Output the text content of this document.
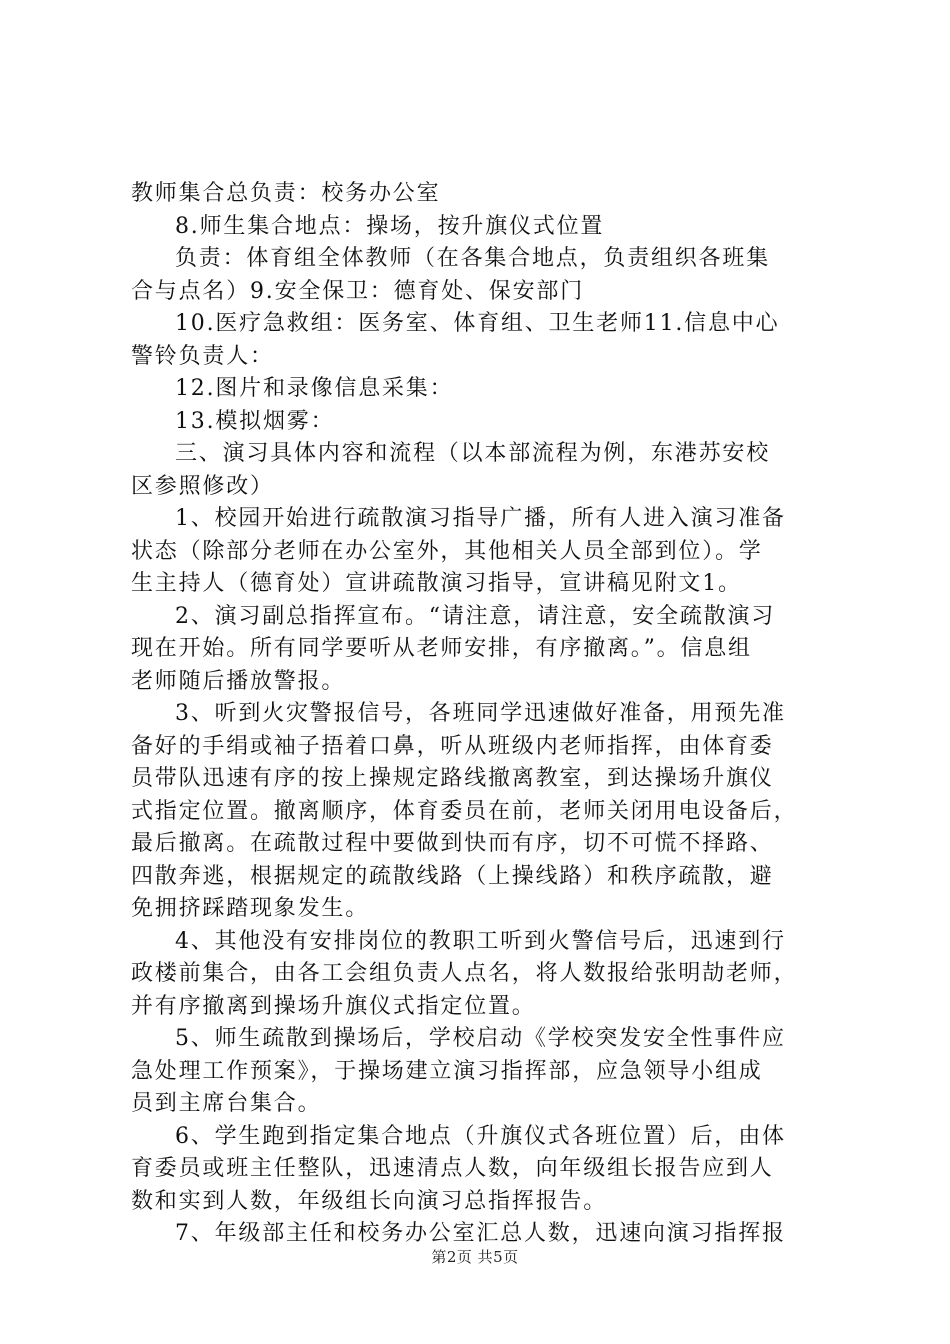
教师集合总负责：校务办公室
8.师生集合地点：操场，按升旗仪式位置
负责：体育组全体教师（在各集合地点，负责组织各班集
合与点名）9.安全保卫：德育处、保安部门
10.医疗急救组：医务室、体育组、卫生老师11.信息中心
警铃负责人：
12.图片和录像信息采集：
13.模拟烟雾：
三、演习具体内容和流程（以本部流程为例，东港苏安校
区参照修改）
1、校园开始进行疏散演习指导广播，所有人进入演习准备
状态（除部分老师在办公室外，其他相关人员全部到位）。学
生主持人（德育处）宣讲疏散演习指导，宣讲稿见附文1。
2、演习副总指挥宣布。“请注意，请注意，安全疏散演习
现在开始。所有同学要听从老师安排，有序撤离。”。信息组
老师随后播放警报。
3、听到火灾警报信号，各班同学迅速做好准备，用预先准
备好的手绢或袖子捂着口鼻，听从班级内老师指挥，由体育委
员带队迅速有序的按上操规定路线撤离教室，到达操场升旗仪
式指定位置。撤离顺序，体育委员在前，老师关闭用电设备后，
最后撤离。在疏散过程中要做到快而有序，切不可慌不择路、
四散奔逃，根据规定的疏散线路（上操线路）和秩序疏散，避
免拥挤踩踏现象发生。
4、其他没有安排岗位的教职工听到火警信号后，迅速到行
政楼前集合，由各工会组负责人点名，将人数报给张明劼老师，
并有序撤离到操场升旗仪式指定位置。
5、师生疏散到操场后，学校启动《学校突发安全性事件应
急处理工作预案》，于操场建立演习指挥部，应急领导小组成
员到主席台集合。
6、学生跑到指定集合地点（升旗仪式各班位置）后，由体
育委员或班主任整队，迅速清点人数，向年级组长报告应到人
数和实到人数，年级组长向演习总指挥报告。
7、年级部主任和校务办公室汇总人数，迅速向演习指挥报
第2页 共5页
